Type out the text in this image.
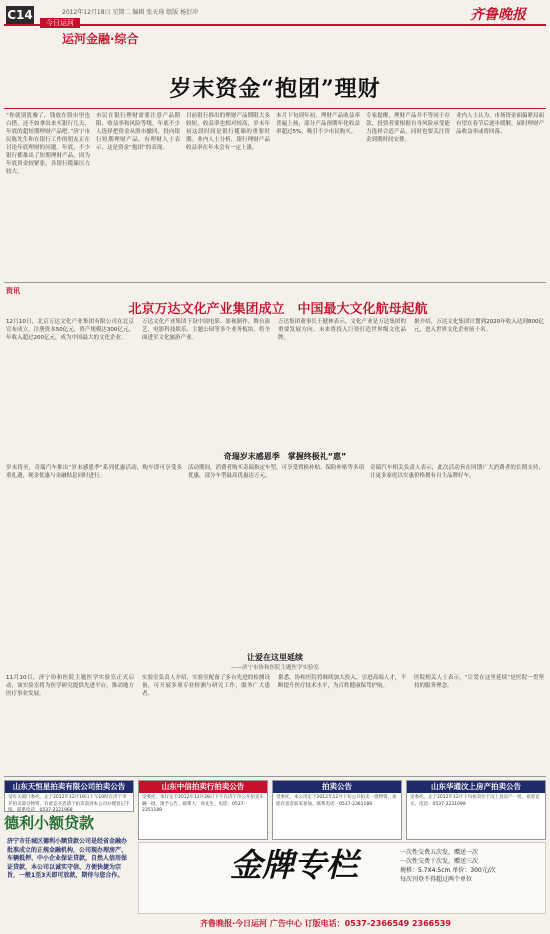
C14	2012年12月18日 星期二 编辑 张天琦 组版 杨衍冲
今日运河
运河金融·综合
齐鲁晚报
岁末资金“抱团”理财
“你就别犹豫了，钱放在股市里也白搭，还不如拿出来买银行几天、年底的超短期理财产品吧。”济宁市民陈先生和在银行工作的朋友正在讨论年底理财的问题。年底，不少银行都推出了短期理财产品，因为年底资金较紧张，各银行揽储压力较大。
市民在银行理财需要注意产品期限、收益率和风险等级，年底不少人选择把资金从股市撤回，投向银行短期理财产品。有理财人士表示，这是资金“抱团”的表现。
目前银行推出的理财产品期限大多较短，收益率也相对较高，岁末年初这段时间是银行揽储的重要时期。业内人士分析，银行理财产品收益率在年末会有一定上涨。
本月下旬到年初，理财产品收益率普遍上扬，部分产品预期年化收益率超过5%，吸引不少市民购买。
专家提醒，理财产品并不等同于存款，投资者要根据自身风险承受能力选择合适产品，同时也要关注资金到期时间安排。
业内人士认为，市场资金面偏紧局面有望在春节后逐步缓解，届时理财产品收益率或将回落。
资讯
北京万达文化产业集团成立　中国最大文化航母起航
12月10日，北京万达文化产业集团有限公司在北京宣布成立，注册资本50亿元，资产规模达300亿元，年收入超过200亿元，成为中国最大的文化企业。
万达文化产业集团下设中国电影、影视制作、舞台演艺、电影科技娱乐、主题公园等多个业务板块，将全面进军文化旅游产业。
万达集团董事长王健林表示，文化产业是万达集团的重要发展方向，未来将投入巨资打造世界级文化品牌。
据介绍，万达文化集团计划到2020年收入达到800亿元，进入世界文化企业前十名。
奇瑞岁末感恩季　掌握终极礼“惠”
岁末将至，奇瑞汽车推出“岁末感恩季”系列优惠活动，购车即可享受多重礼遇，现金优惠与金融贴息同时进行。
活动期间，消费者购买奇瑞指定车型，可享受置换补贴、保险补贴等多项优惠，部分车型最高优惠达万元。
奇瑞汽车相关负责人表示，此次活动旨在回馈广大消费者的长期支持，让更多家庭以实惠价格拥有自主品牌好车。
让爱在这里延续
——济宁市协和医院主题医学实验室
11月10日，济宁协和医院主题医学实验室正式启动，该实验室将为医学研究提供先进平台，推动地方医疗事业发展。
实验室负责人介绍，实验室配备了多台先进的检测设备，可开展多项专业检测与研究工作，服务广大患者。
据悉，协和医院将继续加大投入，引进高端人才，不断提升医疗技术水平，为百姓健康保驾护航。
医院相关人士表示，“让爱在这里延续”是医院一贯坚持的服务理念。
山东天恒星拍卖有限公司拍卖公告
受有关部门委托，定于2012年12月19日上午10时在济宁市开拍卖部分物资，有意竞买者请于拍卖前到本公司办理登记手续。联系电话：0537-2221968
山东中信拍卖行拍卖公告
受委托，本行定于2012年12月28日下午在济宁市公开拍卖车辆一批，现予公告。联系人：孙先生。电话：0537-2351189
拍卖公告
受委托，本公司定于2012年12月下旬公开拍卖一批物资，欢迎有意者前来参加。联系电话：0537-2361188
山东华通汶上房产拍卖公告
受委托，定于2012年12月下旬拍卖位于汶上县房产一处，欢迎竞买。电话：0537-2231099
德利小额贷款
济宁市任城区德利小额贷款公司是经省金融办批准成立的正规金融机构，公司现办理房产、车辆抵押、中小企业保证贷款，自然人信用保证贷款，本公司以诚实守信、方便快捷为宗旨，一般1至3天即可放款，期待与您合作。	金牌专栏	一次性交费五次发，赠送一次
一次性交费十次发，赠送三次
规格：5.7X4.5cm 单价：300元/次
每次刊登不得超过两个单位
齐鲁晚报·今日运河 广告中心 订版电话：0537-2366549 2366539
